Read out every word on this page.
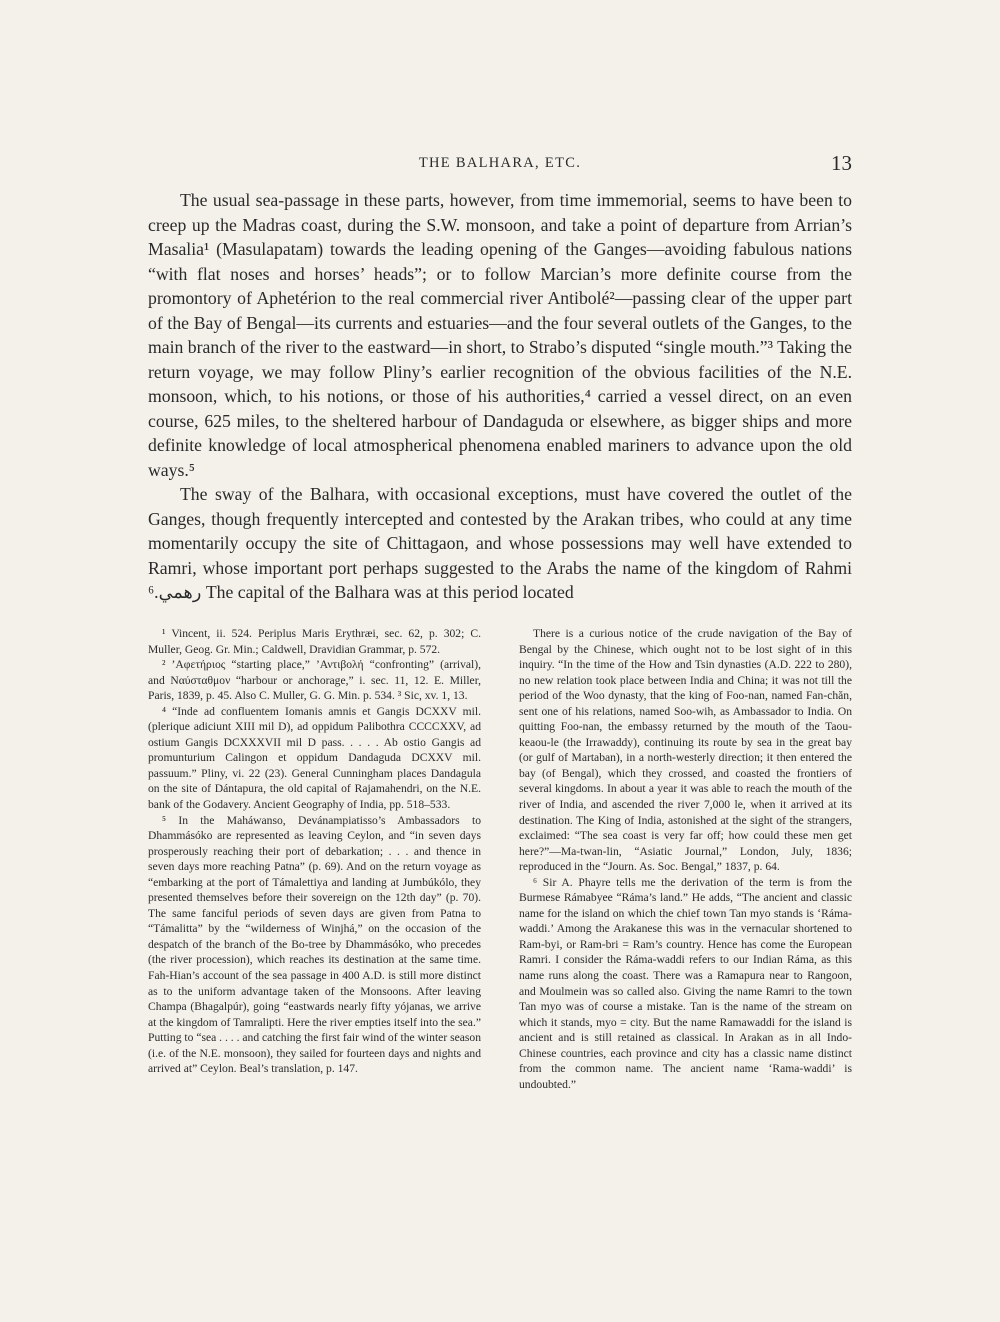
THE BALHARA, ETC.	13

The usual sea-passage in these parts, however, from time immemorial, seems to have been to creep up the Madras coast, during the S.W. monsoon, and take a point of departure from Arrian’s Masalia¹ (Masulapatam) towards the leading opening of the Ganges—avoiding fabulous nations “with flat noses and horses’ heads”; or to follow Marcian’s more definite course from the promontory of Aphetérion to the real commercial river Antibolé²—passing clear of the upper part of the Bay of Bengal—its currents and estuaries—and the four several outlets of the Ganges, to the main branch of the river to the eastward—in short, to Strabo’s disputed “single mouth.”³ Taking the return voyage, we may follow Pliny’s earlier recognition of the obvious facilities of the N.E. monsoon, which, to his notions, or those of his authorities,⁴ carried a vessel direct, on an even course, 625 miles, to the sheltered harbour of Dandaguda or elsewhere, as bigger ships and more definite knowledge of local atmospherical phenomena enabled mariners to advance upon the old ways.⁵

The sway of the Balhara, with occasional exceptions, must have covered the outlet of the Ganges, though frequently intercepted and contested by the Arakan tribes, who could at any time momentarily occupy the site of Chittagaon, and whose possessions may well have extended to Ramri, whose important port perhaps suggested to the Arabs the name of the kingdom of Rahmi رهمي.⁶ The capital of the Balhara was at this period located

¹ Vincent, ii. 524. Periplus Maris Erythræi, sec. 62, p. 302; C. Muller, Geog. Gr. Min.; Caldwell, Dravidian Grammar, p. 572.

² ’Αφετήριος “starting place,” ’Αντιβολή “confronting” (arrival), and Ναύσταθμον “harbour or anchorage,” i. sec. 11, 12. E. Miller, Paris, 1839, p. 45. Also C. Muller, G. G. Min. p. 534. ³ Sic, xv. 1, 13.

⁴ “Inde ad confluentem Iomanis amnis et Gangis DCXXV mil. (plerique adiciunt XIII mil D), ad oppidum Palibothra CCCCXXV, ad ostium Gangis DCXXXVII mil D pass. . . . . Ab ostio Gangis ad promunturium Calingon et oppidum Dandaguda DCXXV mil. passuum.” Pliny, vi. 22 (23). General Cunningham places Dandagula on the site of Dántapura, the old capital of Rajamahendri, on the N.E. bank of the Godavery. Ancient Geography of India, pp. 518–533.

⁵ In the Maháwanso, Devánampiatisso’s Ambassadors to Dhammásóko are represented as leaving Ceylon, and “in seven days prosperously reaching their port of debarkation; . . . and thence in seven days more reaching Patna” (p. 69). And on the return voyage as “embarking at the port of Támalettiya and landing at Jumbúkólo, they presented themselves before their sovereign on the 12th day” (p. 70). The same fanciful periods of seven days are given from Patna to “Támalitta” by the “wilderness of Winjhá,” on the occasion of the despatch of the branch of the Bo-tree by Dhammásóko, who precedes (the river procession), which reaches its destination at the same time. Fah-Hian’s account of the sea passage in 400 A.D. is still more distinct as to the uniform advantage taken of the Monsoons. After leaving Champa (Bhagalpúr), going “eastwards nearly fifty yójanas, we arrive at the kingdom of Tamralipti. Here the river empties itself into the sea.” Putting to “sea . . . . and catching the first fair wind of the winter season (i.e. of the N.E. monsoon), they sailed for fourteen days and nights and arrived at” Ceylon. Beal’s translation, p. 147.

There is a curious notice of the crude navigation of the Bay of Bengal by the Chinese, which ought not to be lost sight of in this inquiry. “In the time of the How and Tsin dynasties (A.D. 222 to 280), no new relation took place between India and China; it was not till the period of the Woo dynasty, that the king of Foo-nan, named Fan-chăn, sent one of his relations, named Soo-wih, as Ambassador to India. On quitting Foo-nan, the embassy returned by the mouth of the Taou-keaou-le (the Irrawaddy), continuing its route by sea in the great bay (or gulf of Martaban), in a north-westerly direction; it then entered the bay (of Bengal), which they crossed, and coasted the frontiers of several kingdoms. In about a year it was able to reach the mouth of the river of India, and ascended the river 7,000 le, when it arrived at its destination. The King of India, astonished at the sight of the strangers, exclaimed: “The sea coast is very far off; how could these men get here?”—Ma-twan-lin, “Asiatic Journal,” London, July, 1836; reproduced in the “Journ. As. Soc. Bengal,” 1837, p. 64.

⁶ Sir A. Phayre tells me the derivation of the term is from the Burmese Rámabyee “Ráma’s land.” He adds, “The ancient and classic name for the island on which the chief town Tan myo stands is ‘Ráma-waddi.’ Among the Arakanese this was in the vernacular shortened to Ram-byi, or Ram-bri = Ram’s country. Hence has come the European Ramri. I consider the Ráma-waddi refers to our Indian Ráma, as this name runs along the coast. There was a Ramapura near to Rangoon, and Moulmein was so called also. Giving the name Ramri to the town Tan myo was of course a mistake. Tan is the name of the stream on which it stands, myo = city. But the name Ramawaddi for the island is ancient and is still retained as classical. In Arakan as in all Indo-Chinese countries, each province and city has a classic name distinct from the common name. The ancient name ‘Rama-waddi’ is undoubted.”
